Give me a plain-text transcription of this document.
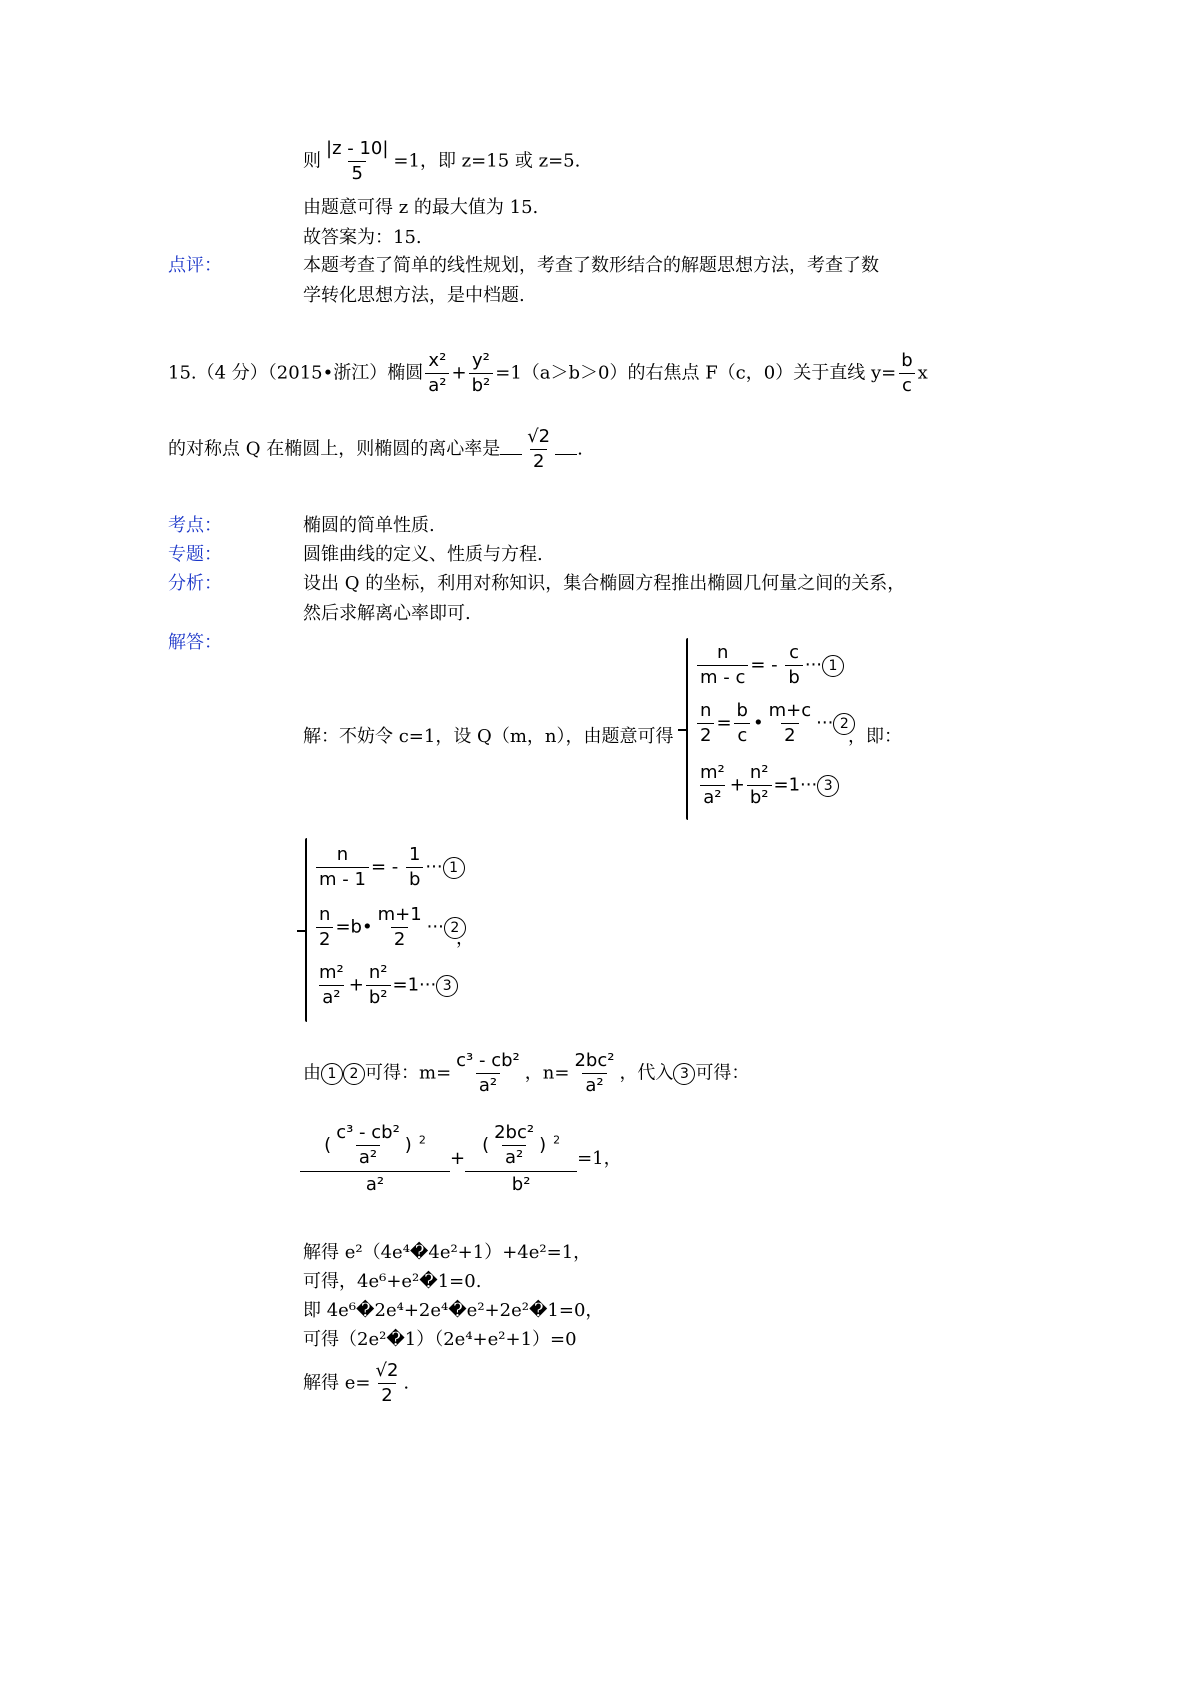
则 $\frac{|z - 10|}{5} =1$，即 z=15 或 z=5.
由题意可得 z 的最大值为 15.
故答案为：15.
点评：	本题考查了简单的线性规划，考查了数形结合的解题思想方法，考查了数
学转化思想方法，是中档题.
15.（4 分）（2015•浙江）椭圆 $\frac{\text{x²}}{\text{a²}} + \frac{\text{y²}}{\text{b²}} =1(a>b>0)$的右焦点 F（c，0）关于直线 $y= \frac{b}{c}$ x
的对称点 Q 在椭圆上，则椭圆的离心率是 $\frac{√2}{2}$ .
考点：	椭圆的简单性质.
专题：	圆锥曲线的定义、性质与方程.
分析：	设出 Q 的坐标，利用对称知识，集合椭圆方程推出椭圆几何量之间的关系，
然后求解离心率即可.
解答：
解：不妨令 c=1，设 Q（m，n），由题意可得
$\frac{n}{m - c}$ = - $\frac{c}{b}$ ··· 1
$\frac{n}{2} = \frac{b}{c}$ • $\frac{m+c}{2}$ ··· 2
$\frac{\text{m²}}{\text{a²}} + \frac{\text{n²}}{\text{b²}} =1\cdot\cdot\cdot 3$
，即：
$\frac{n}{m - 1}$ = - $\frac{1}{b}$ ··· 1
$\frac{n}{2}$ =b• $\frac{m+1}{2}$ ··· 2
$\frac{\text{m²}}{\text{a²}} + \frac{\text{n²}}{\text{b²}} =1\cdot\cdot\cdot 3$
，
由 1 2 可得：$m= \frac{\text{c³ - cb²}}{\text{a²}}$ ，$n= \frac{\text{2bc²}}{\text{a²}}$ ，代入 3 可得：
$\frac{( \frac{\text{c³ - cb²}}{\text{a²}} ) ^2}{\text{a²}} + \frac{( \frac{\text{2bc²}}{\text{a²}} ) ^2}{\text{b²}} =1$，
解得 e²（4e⁴�4e²+1）+4e²=1，
可得，4e⁶+e²�1=0.
即 4e⁶�2e⁴+2e⁴�e²+2e²�1=0，
可得（2e²�1）（2e⁴+e²+1）=0
解得 $e= \frac{√2}{2}$ .
